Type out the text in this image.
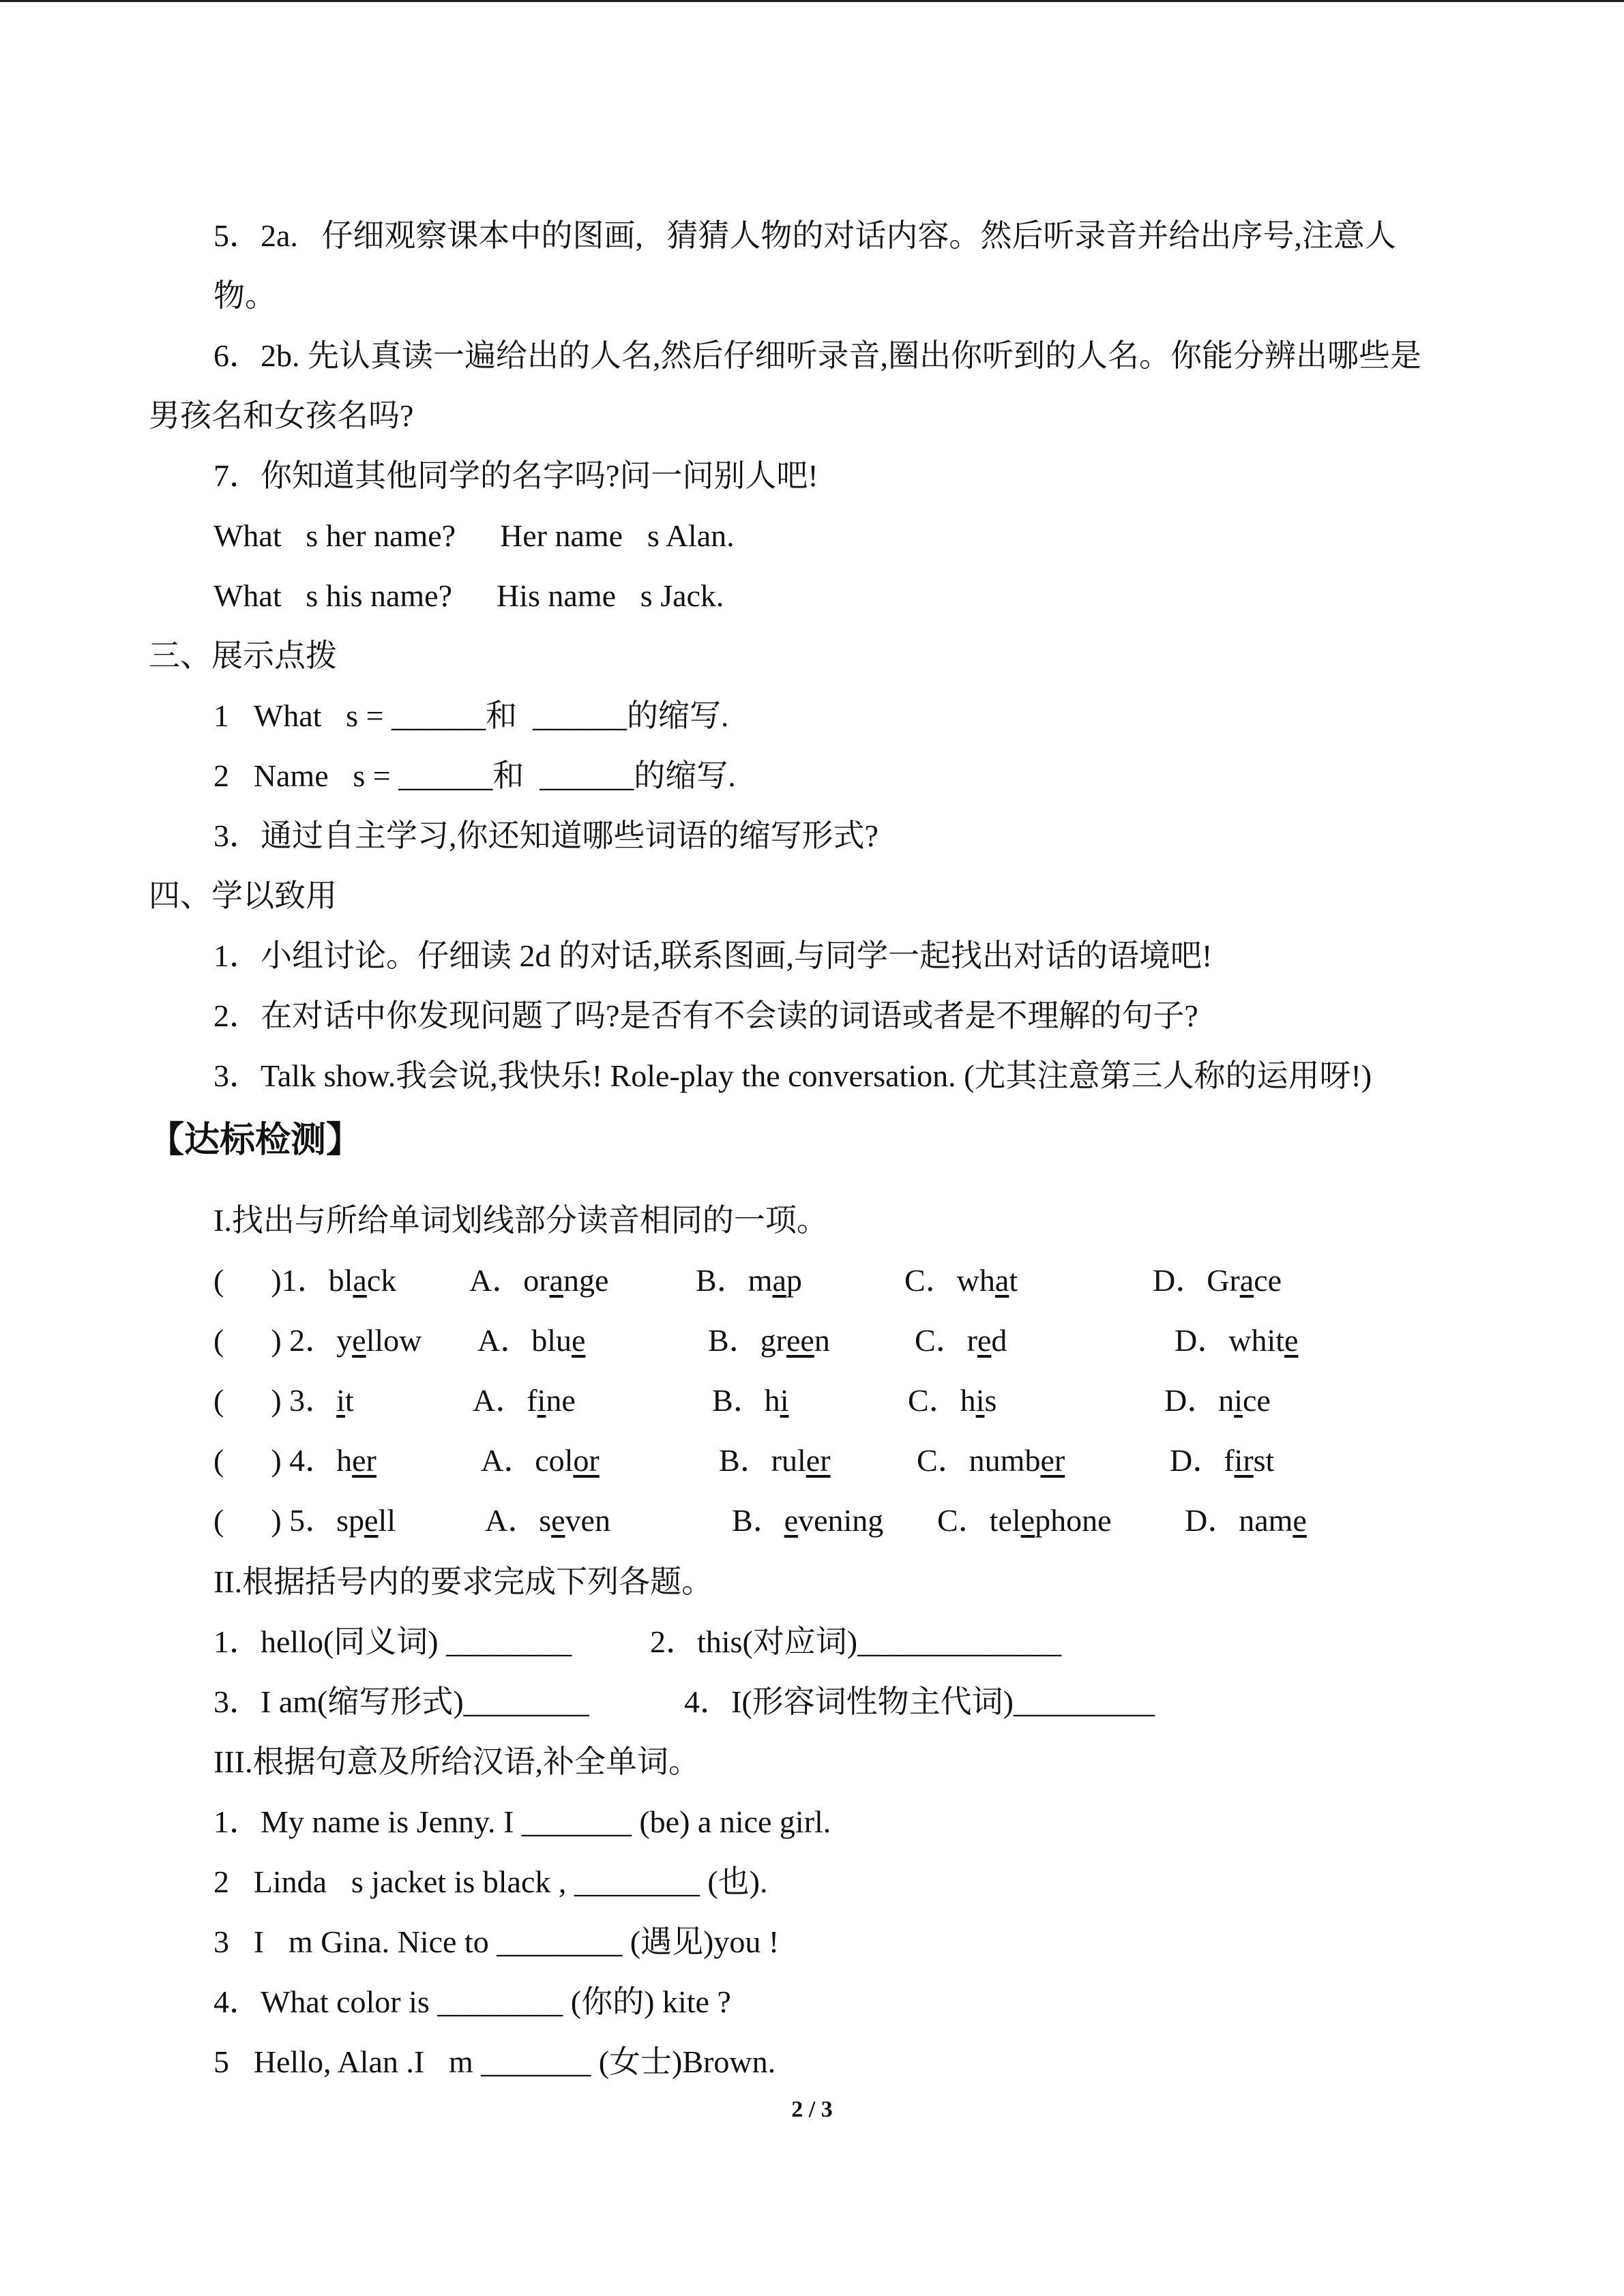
5．2a.   仔细观察课本中的图画,   猜猜人物的对话内容。然后听录音并给出序号,注意人
物。
6．2b. 先认真读一遍给出的人名,然后仔细听录音,圈出你听到的人名。你能分辨出哪些是
男孩名和女孩名吗?
7．你知道其他同学的名字吗?问一问别人吧!
What⃞s her name? Her name⃞s Alan.
What⃞s his name? His name⃞s Jack.
三、展示点拨
1．What⃞s = ______和  ______的缩写.
2．Name⃞s = ______和  ______的缩写.
3．通过自主学习,你还知道哪些词语的缩写形式?
四、学以致用
1．小组讨论。仔细读 2d 的对话,联系图画,与同学一起找出对话的语境吧!
2．在对话中你发现问题了吗?是否有不会读的词语或者是不理解的句子?
3．Talk show.我会说,我快乐! Role-play the conversation. (尤其注意第三人称的运用呀!)
【达标检测】
I.找出与所给单词划线部分读音相同的一项。
(      )1．black A．orange	B．map	C．what	D．Grace
(      ) 2．yellow A．blue	B．green	C．red	D．white
(      ) 3．it	A．fine	B．hi	C．his	D．nice
(      ) 4．her	A．color	B．ruler	C．number	D．first
(      ) 5．spell	A．seven	B．evening C．telephone D．name
II.根据括号内的要求完成下列各题。
1．hello(同义词) ________ 2．this(对应词)_____________
3．I am(缩写形式)________	4．I(形容词性物主代词)_________
III.根据句意及所给汉语,补全单词。
1．My name is Jenny. I _______ (be) a nice girl.
2．Linda⃞s jacket is black , ________ (也).
3．I⃞m Gina. Nice to ________ (遇见)you !
4．What color is ________ (你的) kite ?
5．Hello, Alan .I⃞m _______ (女士)Brown.
2 / 3
